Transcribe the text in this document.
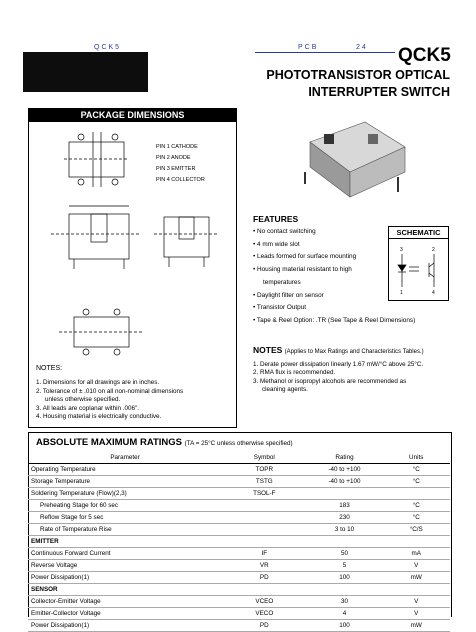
QCK5	PCB	24 QCK5
PHOTOTRANSISTOR OPTICAL
INTERRUPTER SWITCH
PACKAGE DIMENSIONS
PIN 1 CATHODE
PIN 2 ANODE
PIN 3 EMITTER
PIN 4 COLLECTOR
NOTES:
1. Dimensions for all drawings are in inches.
2. Tolerance of ± .010 on all non-nominal dimensions
unless otherwise specified.
3. All leads are coplanar within .006".
4. Housing material is electrically conductive.
FEATURES
• No contact switching
• 4 mm wide slot
• Leads formed for surface mounting
• Housing material resistant to high
temperatures
• Daylight filter on sensor
• Transistor Output
• Tape & Reel Option: .TR (See Tape & Reel Dimensions)
SCHEMATIC
3	2
1	4
NOTES (Applies to Max Ratings and Characteristics Tables.)
1. Derate power dissipation linearly 1.67 mW/°C above 25°C.
2. RMA flux is recommended.
3. Methanol or isopropyl alcohols are recommended as
cleaning agents.
ABSOLUTE MAXIMUM RATINGS (TA = 25°C unless otherwise specified)
Parameter	Symbol	Rating	Units
Operating Temperature	TOPR	-40 to +100	°C
Storage Temperature	TSTG	-40 to +100	°C
Soldering Temperature (Flow)(2,3)	TSOL-F		
Preheating Stage for 60 sec		183	°C
Reflow Stage for 5 sec		230	°C
Rate of Temperature Rise		3 to 10	°C/S
EMITTER			
Continuous Forward Current	IF	50	mA
Reverse Voltage	VR	5	V
Power Dissipation(1)	PD	100	mW
SENSOR			
Collector-Emitter Voltage	VCEO	30	V
Emitter-Collector Voltage	VECO	4	V
Power Dissipation(1)	PD	100	mW
